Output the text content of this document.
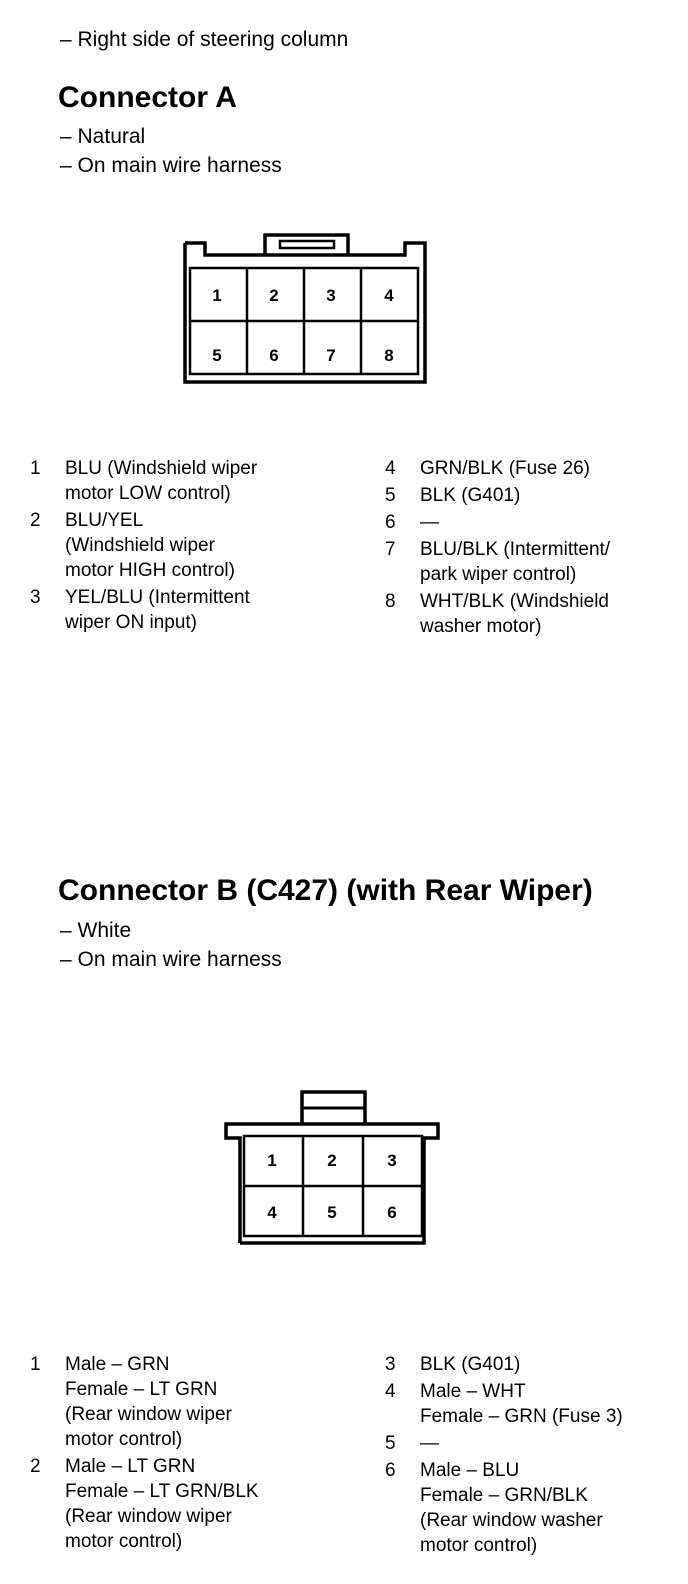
– Right side of steering column
Connector A
– Natural
– On main wire harness
1	2	3	4
5	6	7	8
1	BLU (Windshield wiper
motor LOW control)
2	BLU/YEL
(Windshield wiper
motor HIGH control)
3	YEL/BLU (Intermittent
wiper ON input)
4	GRN/BLK (Fuse 26)
5	BLK (G401)
6	—
7	BLU/BLK (Intermittent/
park wiper control)
8	WHT/BLK (Windshield
washer motor)
Connector B (C427) (with Rear Wiper)
– White
– On main wire harness
1	2	3
4	5	6
1	Male – GRN
Female – LT GRN
(Rear window wiper
motor control)
2	Male – LT GRN
Female – LT GRN/BLK
(Rear window wiper
motor control)
3	BLK (G401)
4	Male – WHT
Female – GRN (Fuse 3)
5	—
6	Male – BLU
Female – GRN/BLK
(Rear window washer
motor control)
